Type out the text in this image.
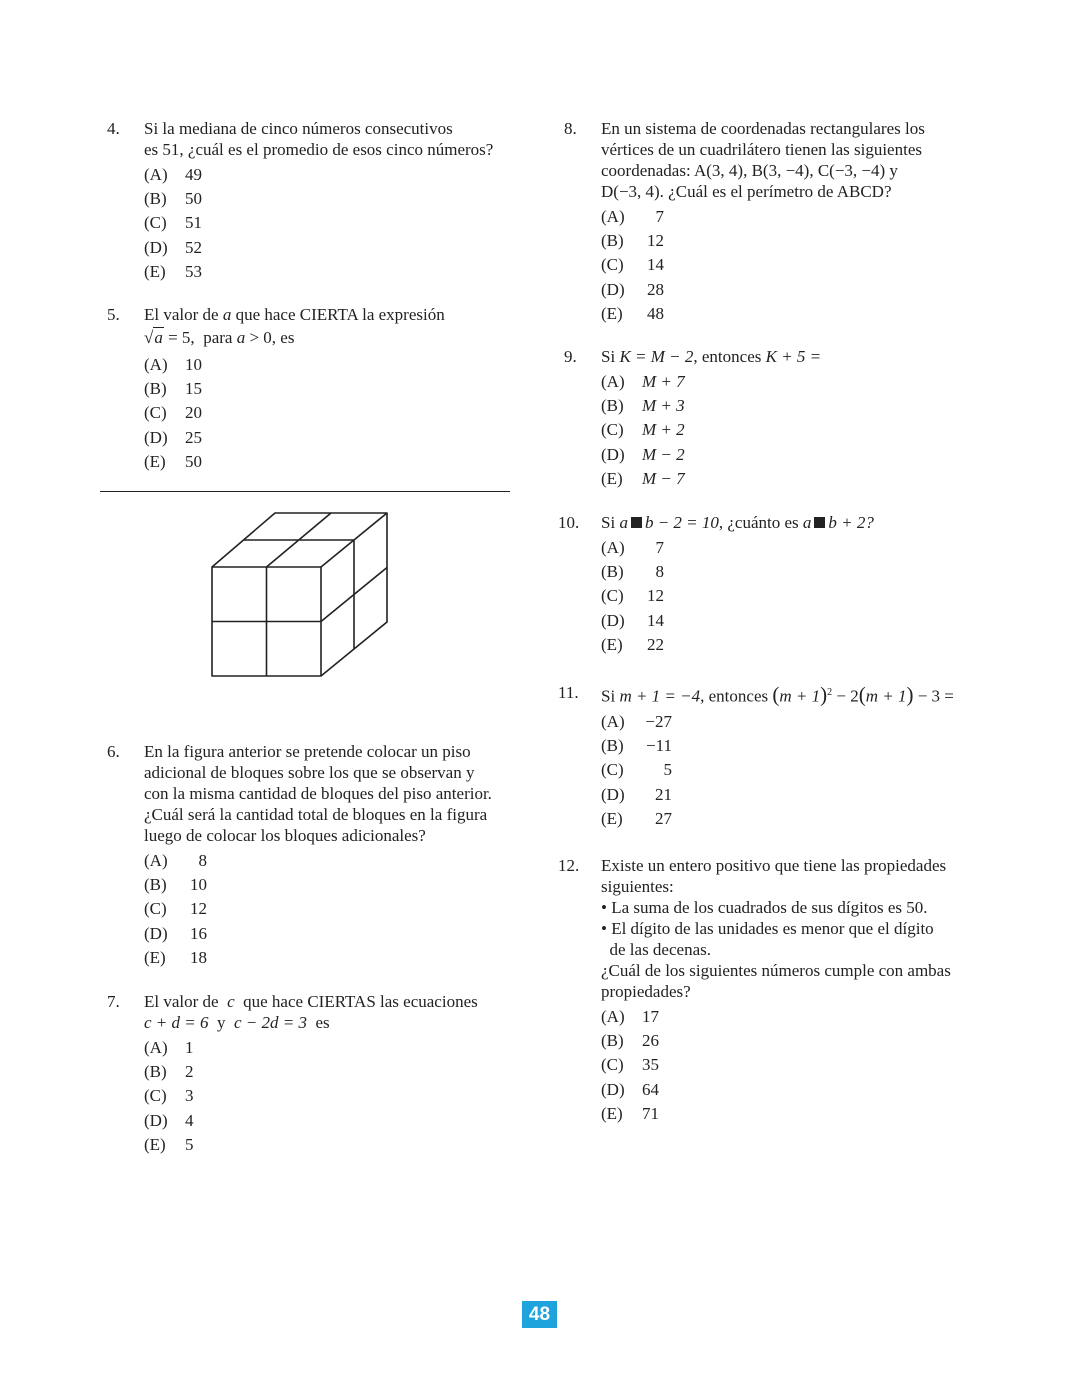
4. Si la mediana de cinco números consecutivos
es 51, ¿cuál es el promedio de esos cinco números?
(A) 49
(B) 50
(C) 51
(D) 52
(E) 53
5. El valor de a que hace CIERTA la expresión
√a = 5, para a > 0, es
(A) 10
(B) 15
(C) 20
(D) 25
(E) 50
6. En la figura anterior se pretende colocar un piso
adicional de bloques sobre los que se observan y
con la misma cantidad de bloques del piso anterior.
¿Cuál será la cantidad total de bloques en la figura
luego de colocar los bloques adicionales?
(A) 8
(B) 10
(C) 12
(D) 16
(E) 18
7. El valor de c que hace CIERTAS las ecuaciones
c + d = 6 y c − 2d = 3 es
(A) 1
(B) 2
(C) 3
(D) 4
(E) 5
8. En un sistema de coordenadas rectangulares los
vértices de un cuadrilátero tienen las siguientes
coordenadas: A(3, 4), B(3, −4), C(−3, −4) y
D(−3, 4). ¿Cuál es el perímetro de ABCD?
(A) 7
(B) 12
(C) 14
(D) 28
(E) 48
9. Si K = M − 2, entonces K + 5 =
(A) M + 7
(B) M + 3
(C) M + 2
(D) M − 2
(E) M − 7
10. Si a b − 2 = 10, ¿cuánto es a b + 2?
(A) 7
(B) 8
(C) 12
(D) 14
(E) 22
11. Si m + 1 = −4, entonces $(m + 1)^2 - 2(m + 1) - 3$ =
(A) −27
(B) −11
(C) 5
(D) 21
(E) 27
12. Existe un entero positivo que tiene las propiedades
siguientes:
• La suma de los cuadrados de sus dígitos es 50.
• El dígito de las unidades es menor que el dígito
de las decenas.
¿Cuál de los siguientes números cumple con ambas
propiedades?
(A) 17
(B) 26
(C) 35
(D) 64
(E) 71
48
